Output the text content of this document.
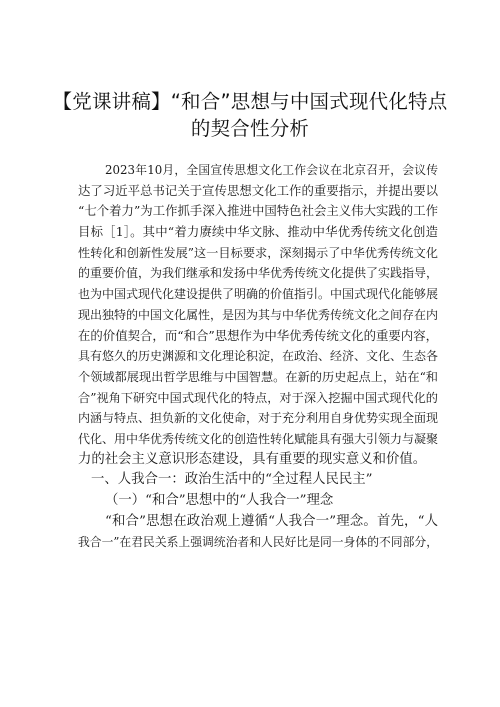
【党课讲稿】“和合”思想与中国式现代化特点
的契合性分析
2023年10月，全国宣传思想文化工作会议在北京召开，会议传
达了习近平总书记关于宣传思想文化工作的重要指示，并提出要以
“七个着力”为工作抓手深入推进中国特色社会主义伟大实践的工作
目标［1］。其中“着力赓续中华文脉、推动中华优秀传统文化创造
性转化和创新性发展”这一目标要求，深刻揭示了中华优秀传统文化
的重要价值，为我们继承和发扬中华优秀传统文化提供了实践指导，
也为中国式现代化建设提供了明确的价值指引。中国式现代化能够展
现出独特的中国文化属性，是因为其与中华优秀传统文化之间存在内
在的价值契合，而“和合”思想作为中华优秀传统文化的重要内容，
具有悠久的历史渊源和文化理论积淀，在政治、经济、文化、生态各
个领域都展现出哲学思维与中国智慧。在新的历史起点上，站在“和
合”视角下研究中国式现代化的特点，对于深入挖掘中国式现代化的
内涵与特点、担负新的文化使命，对于充分利用自身优势实现全面现
代化、用中华优秀传统文化的创造性转化赋能具有强大引领力与凝聚
力的社会主义意识形态建设，具有重要的现实意义和价值。
一、人我合一：政治生活中的“全过程人民民主”
（一）“和合”思想中的“人我合一”理念
“和合”思想在政治观上遵循“人我合一”理念。首先，“人
我合一”在君民关系上强调统治者和人民好比是同一身体的不同部分，
